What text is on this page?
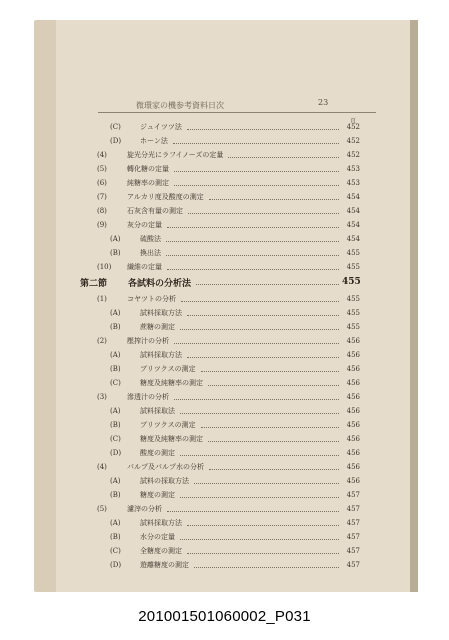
微環家の機参考資料日次	23
頁
(C)	ジュイツツ法	452
(D)	ホーン法	452
(4)	旋光分光にラフイノーズの定量	452
(5)	轉化糖の定量	453
(6)	純糖率の測定	453
(7)	アルカリ度及酸度の測定	454
(8)	石灰含有量の測定	454
(9)	灰分の定量	454
(A)	硫酸法	454
(B)	換出法	455
(10)	繊維の定量	455
第二節	各試料の分析法	455
(1)	コヤツトの分析	455
(A)	試料採取方法	455
(B)	蔗糖の測定	455
(2)	壓搾汁の分析	456
(A)	試料採取方法	456
(B)	ブリツクスの測定	456
(C)	糖度及純糖率の測定	456
(3)	滲透汁の分析	456
(A)	試料採取法	456
(B)	ブリツクスの測定	456
(C)	糖度及純糖率の測定	456
(D)	酸度の測定	456
(4)	パルプ及パルプ水の分析	456
(A)	試料の採取方法	456
(B)	糖度の測定	457
(5)	濾滓の分析	457
(A)	試料採取方法	457
(B)	水分の定量	457
(C)	全糖度の測定	457
(D)	遊離糖度の測定	457
201001501060002_P031
